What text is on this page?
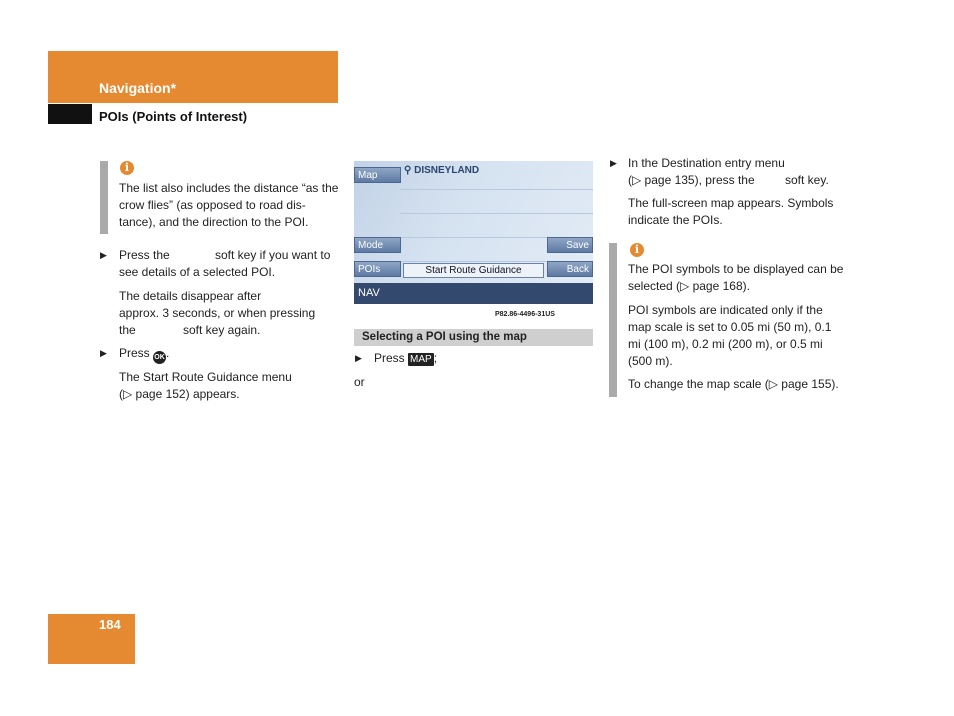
Navigation*
POIs (Points of Interest)
i
The list also includes the distance “as the crow flies” (as opposed to road dis-tance), and the direction to the POI.
▶ Press the	soft key if you want to
see details of a selected POI.
The details disappear after
approx. 3 seconds, or when pressing
the	soft key again.
▶ Press OK.
The Start Route Guidance menu
(▷ page 152) appears.
Map	⚲ DISNEYLAND
Mode	Save
POIs	Start Route Guidance	Back
NAV
P82.86-4496-31US
Selecting a POI using the map
▶ Press MAP ;
or
▶ In the Destination entry menu
(▷ page 135), press the	soft key.
The full-screen map appears. Symbols
indicate the POIs.
i
The POI symbols to be displayed can be
selected (▷ page 168).
POI symbols are indicated only if the
map scale is set to 0.05 mi (50 m), 0.1
mi (100 m), 0.2 mi (200 m), or 0.5 mi
(500 m).
To change the map scale (▷ page 155).
184
